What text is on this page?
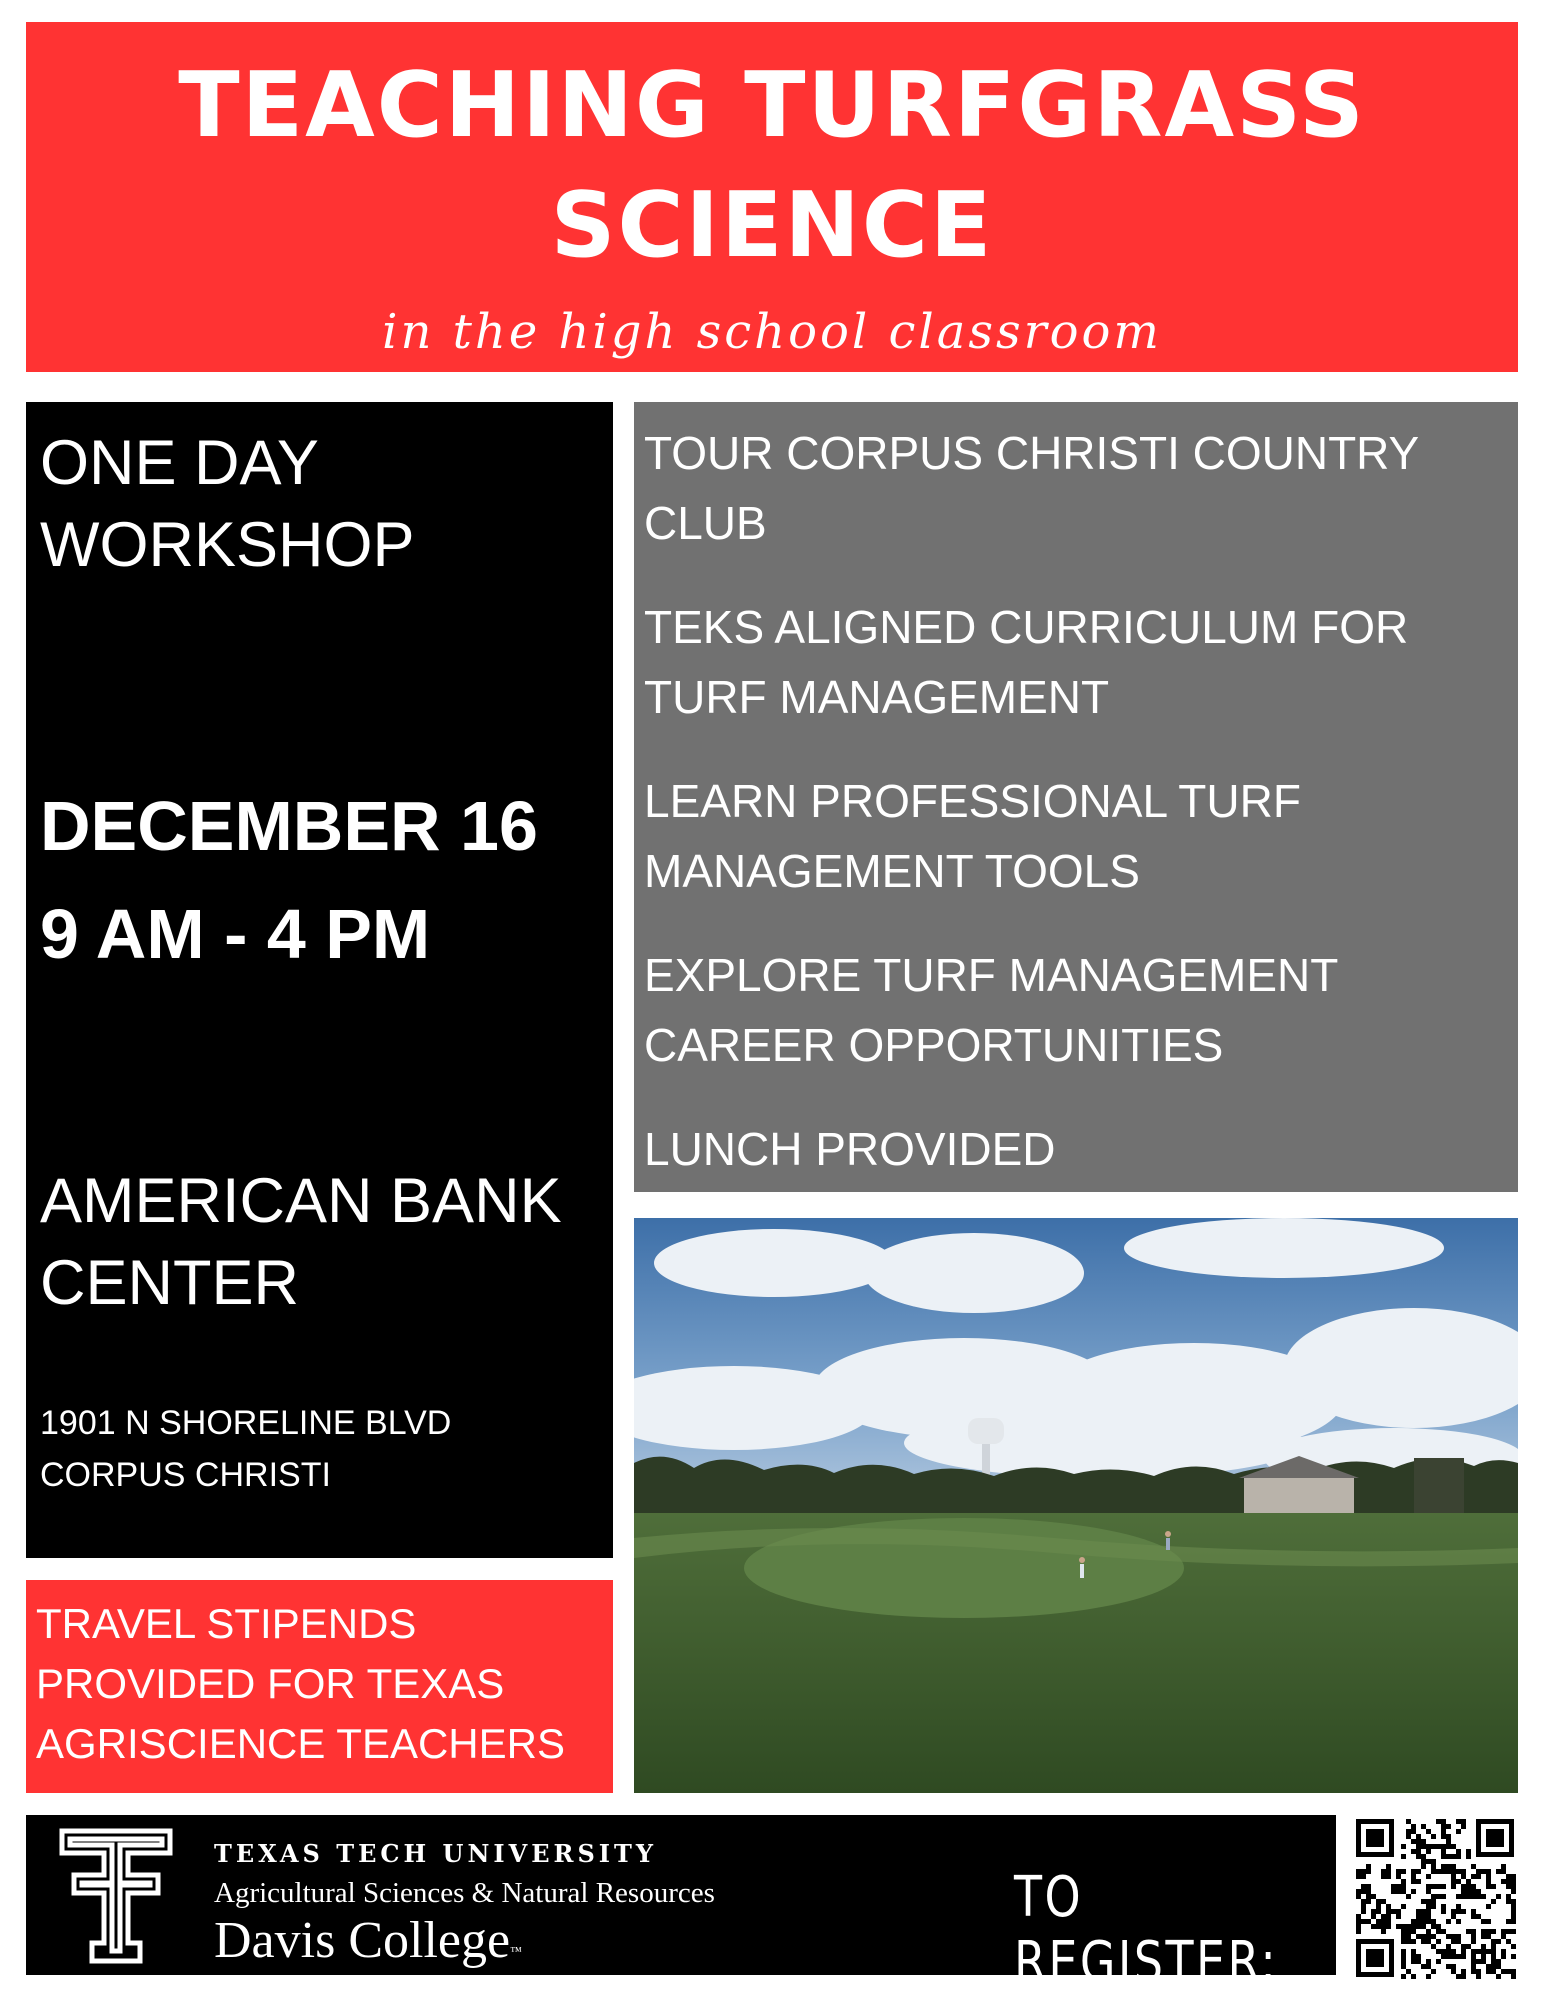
TEACHING TURFGRASS SCIENCE
in the high school classroom

ONE DAY

WORKSHOP

DECEMBER 16

9 AM - 4 PM

AMERICAN BANK

CENTER

1901 N SHORELINE BLVD
CORPUS CHRISTI

TOUR CORPUS CHRISTI COUNTRY CLUB

TEKS ALIGNED CURRICULUM FOR TURF MANAGEMENT

LEARN PROFESSIONAL TURF MANAGEMENT TOOLS

EXPLORE TURF MANAGEMENT CAREER OPPORTUNITIES

LUNCH PROVIDED

TRAVEL STIPENDS
PROVIDED FOR TEXAS
AGRISCIENCE TEACHERS
TEXAS TECH UNIVERSITY
Agricultural Sciences & Natural Resources
Davis College™
TO REGISTER:
